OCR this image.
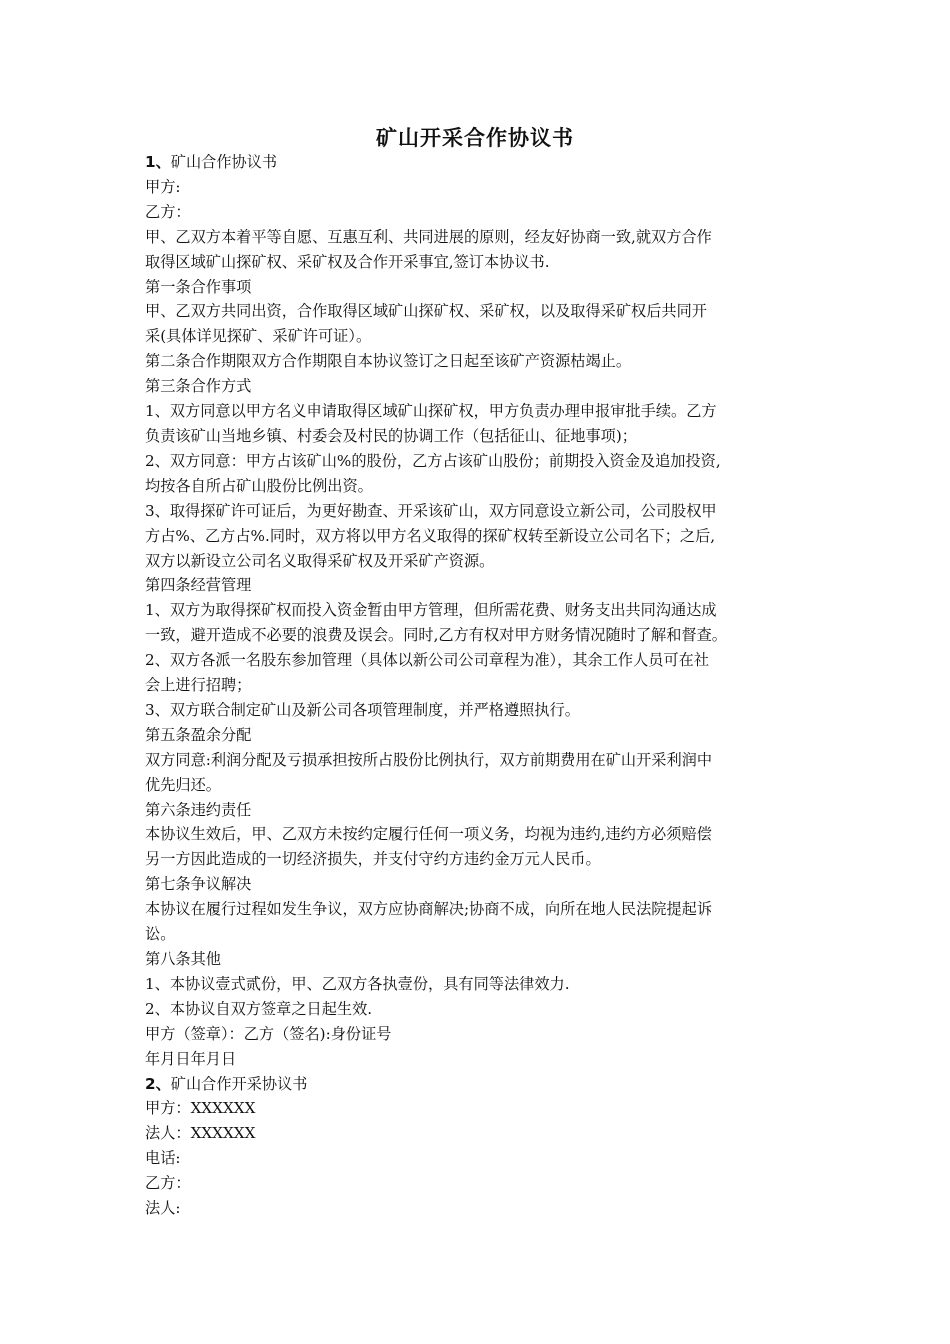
矿山开采合作协议书
1、矿山合作协议书
甲方:
乙方：
甲、乙双方本着平等自愿、互惠互利、共同进展的原则，经友好协商一致,就双方合作
取得区域矿山探矿权、采矿权及合作开采事宜,签订本协议书.
第一条合作事项
甲、乙双方共同出资，合作取得区域矿山探矿权、采矿权，以及取得采矿权后共同开
采(具体详见探矿、采矿许可证）。
第二条合作期限双方合作期限自本协议签订之日起至该矿产资源枯竭止。
第三条合作方式
1、双方同意以甲方名义申请取得区域矿山探矿权，甲方负责办理申报审批手续。乙方
负责该矿山当地乡镇、村委会及村民的协调工作（包括征山、征地事项)；
2、双方同意：甲方占该矿山%的股份，乙方占该矿山股份；前期投入资金及追加投资,
均按各自所占矿山股份比例出资。
3、取得探矿许可证后，为更好勘查、开采该矿山，双方同意设立新公司，公司股权甲
方占%、乙方占%.同时，双方将以甲方名义取得的探矿权转至新设立公司名下；之后,
双方以新设立公司名义取得采矿权及开采矿产资源。
第四条经营管理
1、双方为取得探矿权而投入资金暂由甲方管理，但所需花费、财务支出共同沟通达成
一致，避开造成不必要的浪费及误会。同时,乙方有权对甲方财务情况随时了解和督查。
2、双方各派一名股东参加管理（具体以新公司公司章程为准），其余工作人员可在社
会上进行招聘；
3、双方联合制定矿山及新公司各项管理制度，并严格遵照执行。
第五条盈余分配
双方同意:利润分配及亏损承担按所占股份比例执行，双方前期费用在矿山开采利润中
优先归还。
第六条违约责任
本协议生效后，甲、乙双方未按约定履行任何一项义务，均视为违约,违约方必须赔偿
另一方因此造成的一切经济损失，并支付守约方违约金万元人民币。
第七条争议解决
本协议在履行过程如发生争议，双方应协商解决;协商不成，向所在地人民法院提起诉
讼。
第八条其他
1、本协议壹式贰份，甲、乙双方各执壹份，具有同等法律效力.
2、本协议自双方签章之日起生效.
甲方（签章）：乙方（签名):身份证号
年月日年月日
2、矿山合作开采协议书
甲方：XXXXXX
法人：XXXXXX
电话:
乙方：
法人:
